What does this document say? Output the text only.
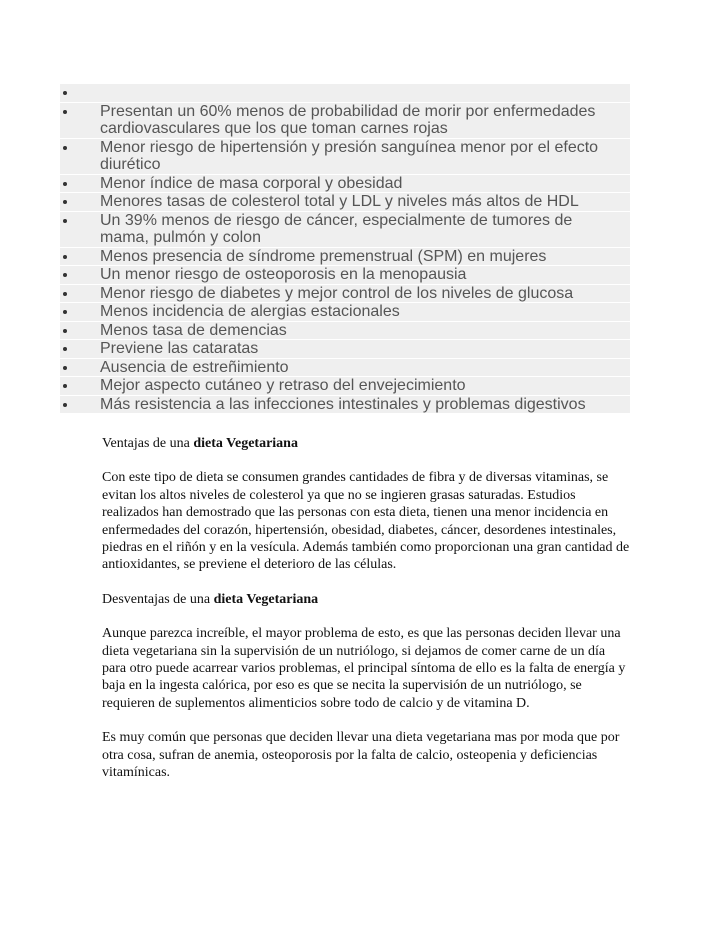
Presentan un 60% menos de probabilidad de morir por enfermedades cardiovasculares que los que toman carnes rojas
Menor riesgo de hipertensión y presión sanguínea menor por el efecto diurético
Menor índice de masa corporal y obesidad
Menores tasas de colesterol total y LDL y niveles más altos de HDL
Un 39% menos de riesgo de cáncer, especialmente de tumores de mama, pulmón y colon
Menos presencia de síndrome premenstrual (SPM) en mujeres
Un menor riesgo de osteoporosis en la menopausia
Menor riesgo de diabetes y mejor control de los niveles de glucosa
Menos incidencia de alergias estacionales
Menos tasa de demencias
Previene las cataratas
Ausencia de estreñimiento
Mejor aspecto cutáneo y retraso del envejecimiento
Más resistencia a las infecciones intestinales y problemas digestivos

Ventajas de una dieta Vegetariana

Con este tipo de dieta se consumen grandes cantidades de fibra y de diversas vitaminas, se evitan los altos niveles de colesterol ya que no se ingieren grasas saturadas. Estudios realizados han demostrado que las personas con esta dieta, tienen una menor incidencia en enfermedades del corazón, hipertensión, obesidad, diabetes, cáncer, desordenes intestinales, piedras en el riñón y en la vesícula. Además también como proporcionan una gran cantidad de antioxidantes, se previene el deterioro de las células.

Desventajas de una dieta Vegetariana

Aunque parezca increíble, el mayor problema de esto, es que las personas deciden llevar una dieta vegetariana sin la supervisión de un nutriólogo, si dejamos de comer carne de un día para otro puede acarrear varios problemas, el principal síntoma de ello es la falta de energía y baja en la ingesta calórica, por eso es que se necita la supervisión de un nutriólogo, se requieren de suplementos alimenticios sobre todo de calcio y de vitamina D.

Es muy común que personas que deciden llevar una dieta vegetariana mas por moda que por otra cosa, sufran de anemia, osteoporosis por la falta de calcio, osteopenia y deficiencias vitamínicas.
